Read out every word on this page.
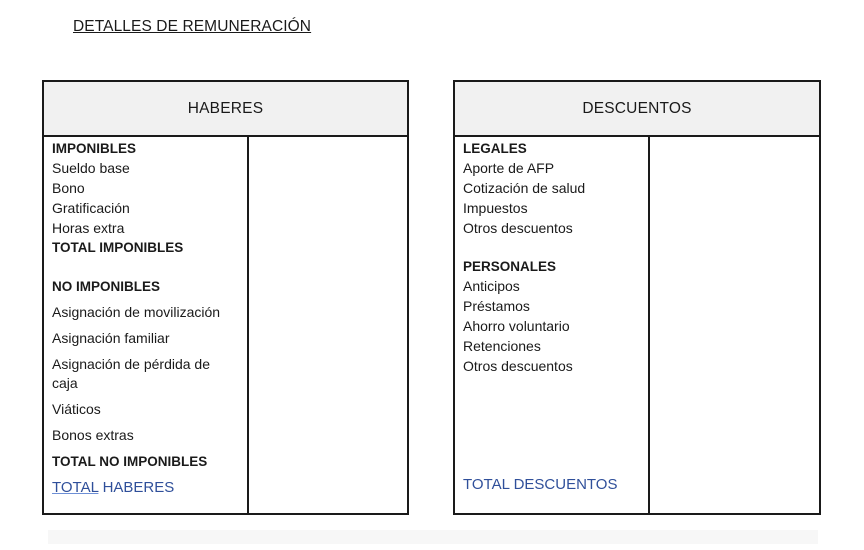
DETALLES DE REMUNERACIÓN
HABERES
IMPONIBLES
Sueldo base
Bono
Gratificación
Horas extra
TOTAL IMPONIBLES
NO IMPONIBLES
Asignación de movilización
Asignación familiar
Asignación de pérdida de caja
Viáticos
Bonos extras
TOTAL NO IMPONIBLES
TOTAL HABERES
DESCUENTOS
LEGALES
Aporte de AFP
Cotización de salud
Impuestos
Otros descuentos
PERSONALES
Anticipos
Préstamos
Ahorro voluntario
Retenciones
Otros descuentos
TOTAL DESCUENTOS
